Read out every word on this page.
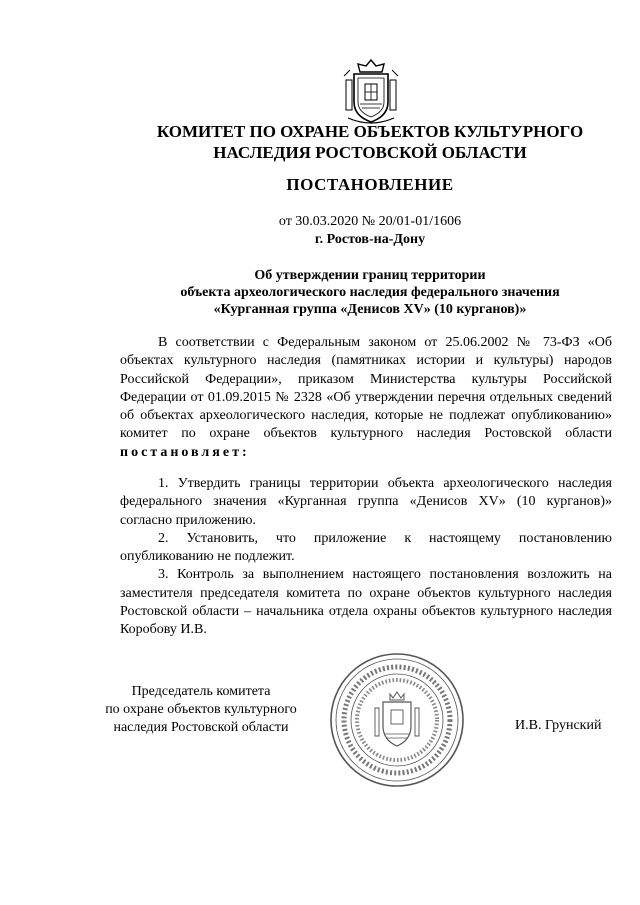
КОМИТЕТ ПО ОХРАНЕ ОБЪЕКТОВ КУЛЬТУРНОГО
НАСЛЕДИЯ РОСТОВСКОЙ ОБЛАСТИ
ПОСТАНОВЛЕНИЕ
от 30.03.2020 № 20/01-01/1606
г. Ростов-на-Дону
Об утверждении границ территории
объекта археологического наследия федерального значения
«Курганная группа «Денисов XV» (10 курганов)»
В соответствии с Федеральным законом от 25.06.2002 № 73-ФЗ «Об объектах культурного наследия (памятниках истории и культуры) народов Российской Федерации», приказом Министерства культуры Российской Федерации от 01.09.2015 № 2328 «Об утверждении перечня отдельных сведений об объектах археологического наследия, которые не подлежат опубликованию» комитет по охране объектов культурного наследия Ростовской области постановляет:

1. Утвердить границы территории объекта археологического наследия федерального значения «Курганная группа «Денисов XV» (10 курганов)» согласно приложению.

2. Установить, что приложение к настоящему постановлению опубликованию не подлежит.

3. Контроль за выполнением настоящего постановления возложить на заместителя председателя комитета по охране объектов культурного наследия Ростовской области – начальника отдела охраны объектов культурного наследия Коробову И.В.

Председатель комитета
по охране объектов культурного
наследия Ростовской области	И.В. Грунский
